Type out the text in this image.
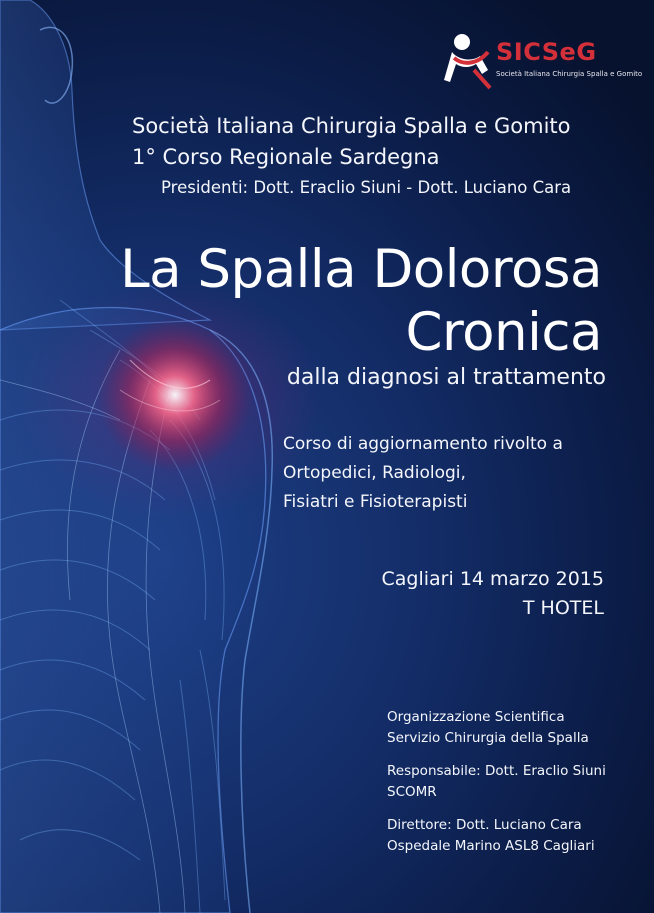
SICSeG
Società Italiana Chirurgia Spalla e Gomito
Società Italiana Chirurgia Spalla e Gomito
1° Corso Regionale Sardegna
Presidenti: Dott. Eraclio Siuni - Dott. Luciano Cara
La Spalla Dolorosa
Cronica
dalla diagnosi al trattamento
Corso di aggiornamento rivolto a
Ortopedici, Radiologi,
Fisiatri e Fisioterapisti
Cagliari 14 marzo 2015
T HOTEL
Organizzazione Scientifica
Servizio Chirurgia della Spalla
Responsabile: Dott. Eraclio Siuni
SCOMR
Direttore: Dott. Luciano Cara
Ospedale Marino ASL8 Cagliari
